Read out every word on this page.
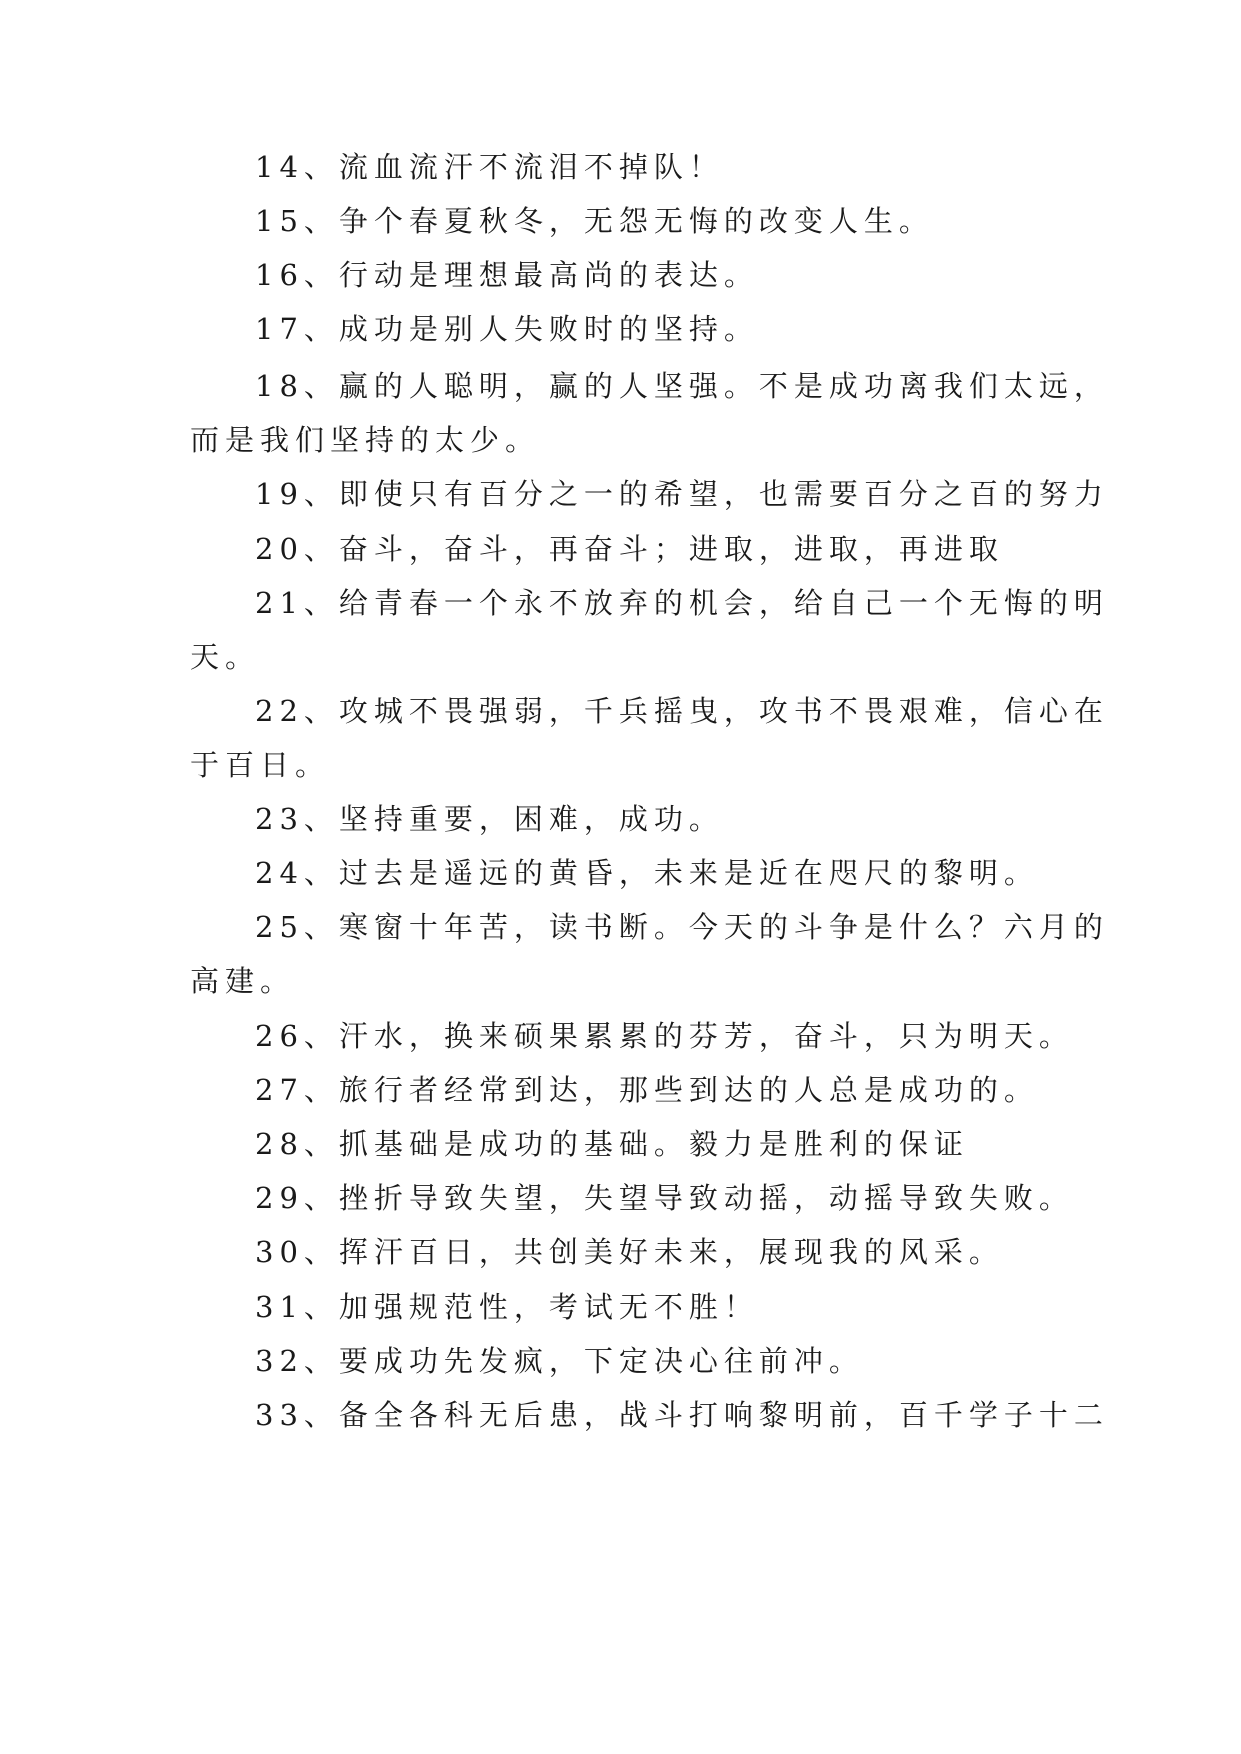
14、流血流汗不流泪不掉队！
15、争个春夏秋冬，无怨无悔的改变人生。
16、行动是理想最高尚的表达。
17、成功是别人失败时的坚持。
18、赢的人聪明，赢的人坚强。不是成功离我们太远，
而是我们坚持的太少。
19、即使只有百分之一的希望，也需要百分之百的努力
20、奋斗，奋斗，再奋斗；进取，进取，再进取
21、给青春一个永不放弃的机会，给自己一个无悔的明
天。
22、攻城不畏强弱，千兵摇曳，攻书不畏艰难，信心在
于百日。
23、坚持重要，困难，成功。
24、过去是遥远的黄昏，未来是近在咫尺的黎明。
25、寒窗十年苦，读书断。今天的斗争是什么？六月的
高建。
26、汗水，换来硕果累累的芬芳，奋斗，只为明天。
27、旅行者经常到达，那些到达的人总是成功的。
28、抓基础是成功的基础。毅力是胜利的保证
29、挫折导致失望，失望导致动摇，动摇导致失败。
30、挥汗百日，共创美好未来，展现我的风采。
31、加强规范性，考试无不胜！
32、要成功先发疯，下定决心往前冲。
33、备全各科无后患，战斗打响黎明前，百千学子十二
